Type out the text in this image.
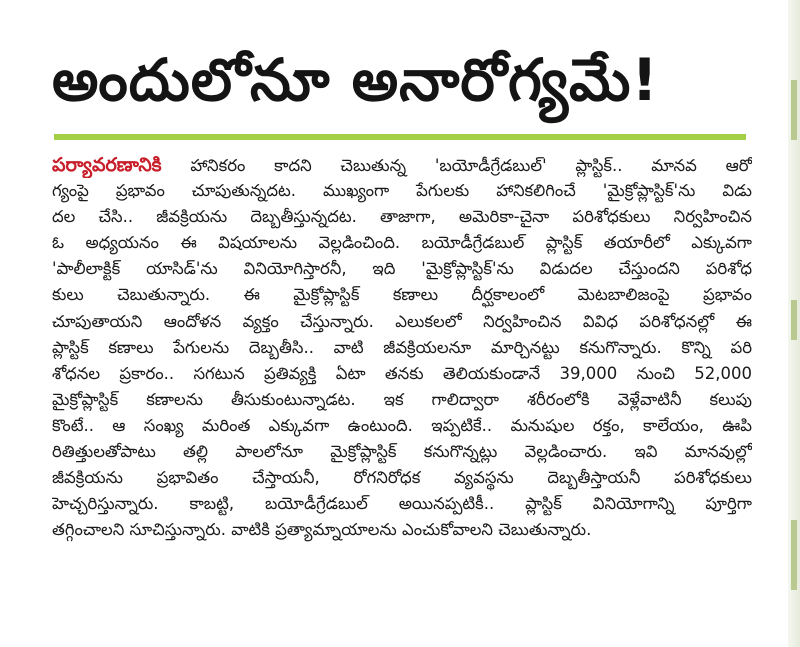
అందులోనూ అనారోగ్యమే!
పర్యావరణానికి హానికరం కాదని చెబుతున్న 'బయోడీగ్రేడబుల్' ప్లాస్టిక్.. మానవ ఆరో
గ్యంపై ప్రభావం చూపుతున్నదట. ముఖ్యంగా పేగులకు హానికలిగించే 'మైక్రోప్లాస్టిక్'ను విడు
దల చేసి.. జీవక్రియను దెబ్బతీస్తున్నదట. తాజాగా, అమెరికా-చైనా పరిశోధకులు నిర్వహించిన
ఓ అధ్యయనం ఈ విషయాలను వెల్లడించింది. బయోడీగ్రేడబుల్ ప్లాస్టిక్ తయారీలో ఎక్కువగా
'పాలీలాక్టిక్ యాసిడ్'ను వినియోగిస్తారనీ, ఇది 'మైక్రోప్లాస్టిక్'ను విడుదల చేస్తుందని పరిశోధ
కులు చెబుతున్నారు. ఈ మైక్రోప్లాస్టిక్ కణాలు దీర్ఘకాలంలో మెటబాలిజంపై ప్రభావం
చూపుతాయని ఆందోళన వ్యక్తం చేస్తున్నారు. ఎలుకలలో నిర్వహించిన వివిధ పరిశోధనల్లో ఈ
ప్లాస్టిక్ కణాలు పేగులను దెబ్బతీసి.. వాటి జీవక్రియలనూ మార్చినట్టు కనుగొన్నారు. కొన్ని పరి
శోధనల ప్రకారం.. సగటున ప్రతివ్యక్తి ఏటా తనకు తెలియకుండానే 39,000 నుంచి 52,000
మైక్రోప్లాస్టిక్ కణాలను తీసుకుంటున్నాడట. ఇక గాలిద్వారా శరీరంలోకి వెళ్లేవాటినీ కలుపు
కొంటే.. ఆ సంఖ్య మరింత ఎక్కువగా ఉంటుంది. ఇప్పటికే.. మనుషుల రక్తం, కాలేయం, ఊపి
రితిత్తులతోపాటు తల్లి పాలలోనూ మైక్రోప్లాస్టిక్ కనుగొన్నట్లు వెల్లడించారు. ఇవి మానవుల్లో
జీవక్రియను ప్రభావితం చేస్తాయనీ, రోగనిరోధక వ్యవస్థను దెబ్బతీస్తాయనీ పరిశోధకులు
హెచ్చరిస్తున్నారు. కాబట్టి, బయోడీగ్రేడబుల్ అయినప్పటికీ.. ప్లాస్టిక్ వినియోగాన్ని పూర్తిగా
తగ్గించాలని సూచిస్తున్నారు. వాటికి ప్రత్యామ్నాయాలను ఎంచుకోవాలని చెబుతున్నారు.
